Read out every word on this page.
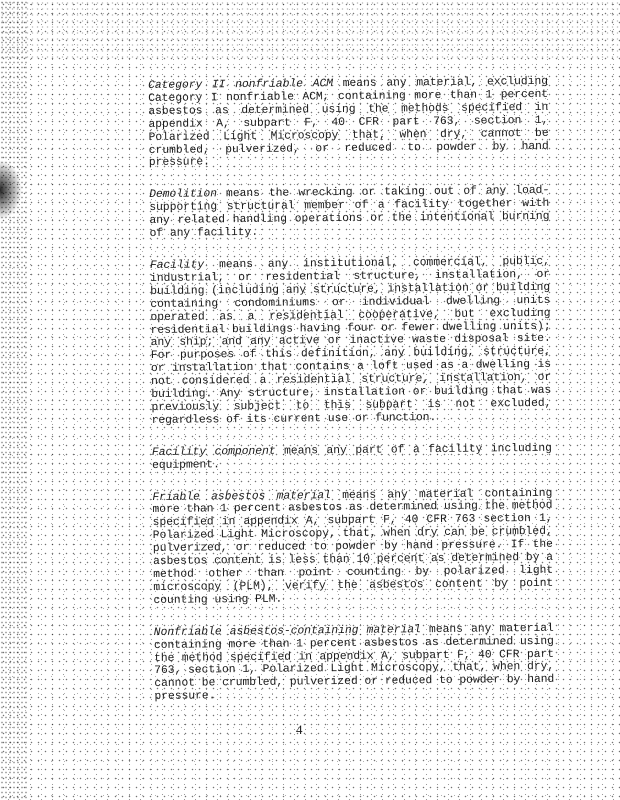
Category II nonfriable ACM means any material, excluding Category I nonfriable ACM, containing more than 1 percent asbestos as determined using the methods specified in appendix A, subpart F, 40 CFR part 763, section 1, Polarized Light Microscopy that, when dry, cannot be crumbled, pulverized, or reduced to powder by hand pressure.

Demolition means the wrecking or taking out of any load-supporting structural member of a facility together with any related handling operations or the intentional burning of any facility.

Facility means any institutional, commercial, public, industrial, or residential structure, installation, or building (including any structure, installation or building containing condominiums or individual dwelling units operated as a residential cooperative, but excluding residential buildings having four or fewer dwelling units); any ship; and any active or inactive waste disposal site. For purposes of this definition, any building, structure, or installation that contains a loft used as a dwelling is not considered a residential structure, installation, or building. Any structure, installation or building that was previously subject to this subpart is not excluded, regardless of its current use or function.

Facility component means any part of a facility including equipment.

Friable asbestos material means any material containing more than 1 percent asbestos as determined using the method specified in appendix A, subpart F, 40 CFR 763 section 1, Polarized Light Microscopy, that, when dry can be crumbled, pulverized, or reduced to powder by hand pressure. If the asbestos content is less than 10 percent as determined by a method other than point counting by polarized light microscopy (PLM), verify the asbestos content by point counting using PLM.

Nonfriable asbestos-containing material means any material containing more than 1 percent asbestos as determined using the method specified in appendix A, subpart F, 40 CFR part 763, section 1, Polarized Light Microscopy, that, when dry, cannot be crumbled, pulverized or reduced to powder by hand pressure.

4
